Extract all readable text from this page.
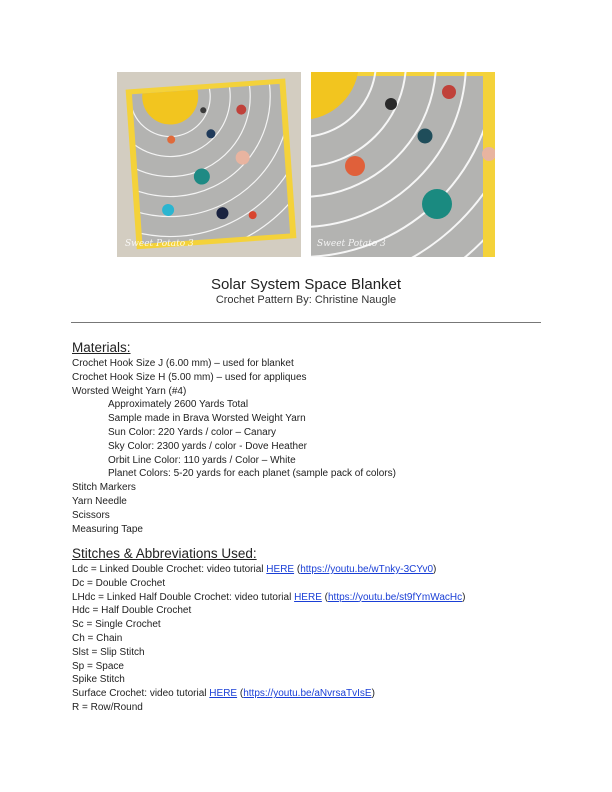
Sweet Potato 3	Sweet Potato 3
Solar System Space Blanket
Crochet Pattern By: Christine Naugle
Materials:
Crochet Hook Size J (6.00 mm) – used for blanket
Crochet Hook Size H (5.00 mm) – used for appliques
Worsted Weight Yarn (#4)
Approximately 2600 Yards Total
Sample made in Brava Worsted Weight Yarn
Sun Color: 220 Yards / color – Canary
Sky Color: 2300 yards / color - Dove Heather
Orbit Line Color: 110 yards / Color – White
Planet Colors: 5-20 yards for each planet (sample pack of colors)
Stitch Markers
Yarn Needle
Scissors
Measuring Tape
Stitches & Abbreviations Used:
Ldc = Linked Double Crochet: video tutorial HERE (https://youtu.be/wTnky-3CYv0)
Dc = Double Crochet
LHdc = Linked Half Double Crochet: video tutorial HERE (https://youtu.be/st9fYmWacHc)
Hdc = Half Double Crochet
Sc = Single Crochet
Ch = Chain
Slst = Slip Stitch
Sp = Space
Spike Stitch
Surface Crochet: video tutorial HERE (https://youtu.be/aNvrsaTvIsE)
R = Row/Round
